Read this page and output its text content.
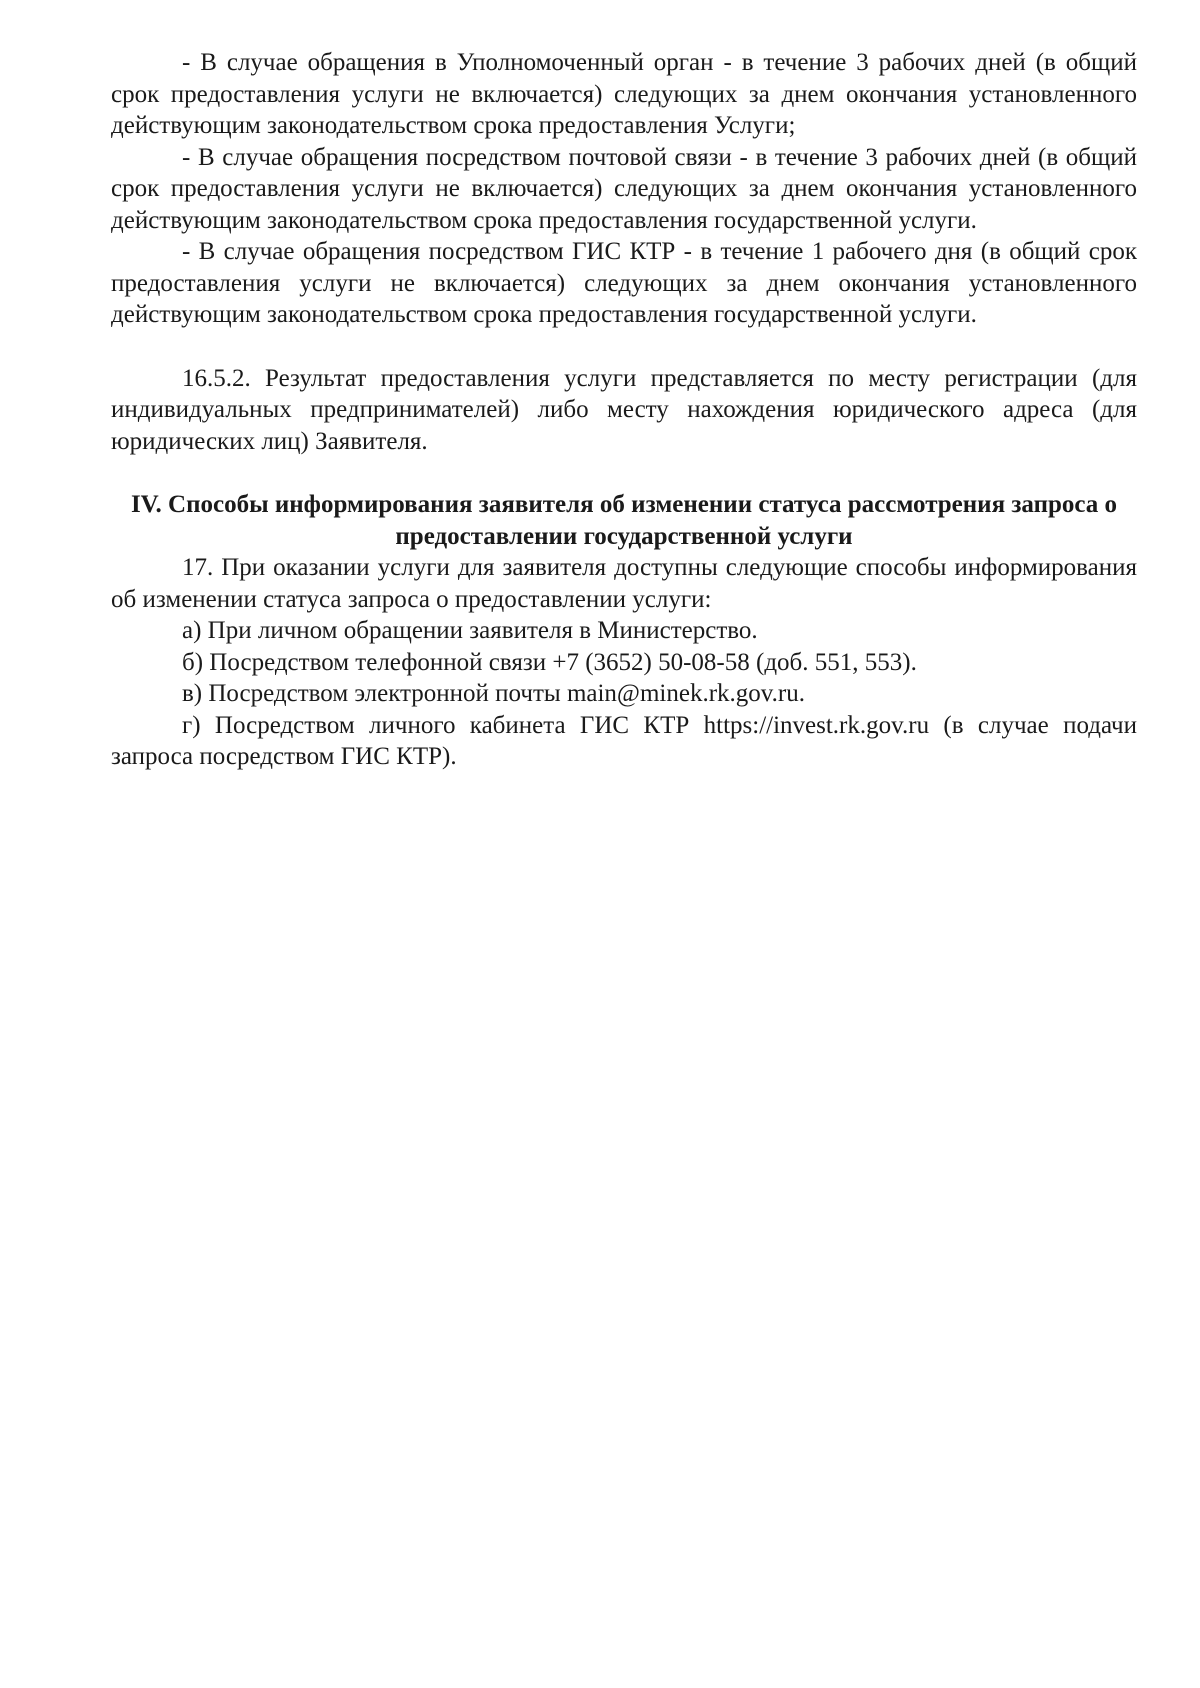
- В случае обращения в Уполномоченный орган - в течение 3 рабочих дней (в общий срок предоставления услуги не включается) следующих за днем окончания установленного действующим законодательством срока предоставления Услуги;

- В случае обращения посредством почтовой связи - в течение 3 рабочих дней (в общий срок предоставления услуги не включается) следующих за днем окончания установленного действующим законодательством срока предоставления государственной услуги.

- В случае обращения посредством ГИС КТР - в течение 1 рабочего дня (в общий срок предоставления услуги не включается) следующих за днем окончания установленного действующим законодательством срока предоставления государственной услуги.

16.5.2. Результат предоставления услуги представляется по месту регистрации (для индивидуальных предпринимателей) либо месту нахождения юридического адреса (для юридических лиц) Заявителя.

IV. Способы информирования заявителя об изменении статуса рассмотрения запроса о предоставлении государственной услуги

17. При оказании услуги для заявителя доступны следующие способы информирования об изменении статуса запроса о предоставлении услуги:

а) При личном обращении заявителя в Министерство.

б) Посредством телефонной связи +7 (3652) 50-08-58 (доб. 551, 553).

в) Посредством электронной почты main@minek.rk.gov.ru.

г) Посредством личного кабинета ГИС КТР https://invest.rk.gov.ru (в случае подачи запроса посредством ГИС КТР).
